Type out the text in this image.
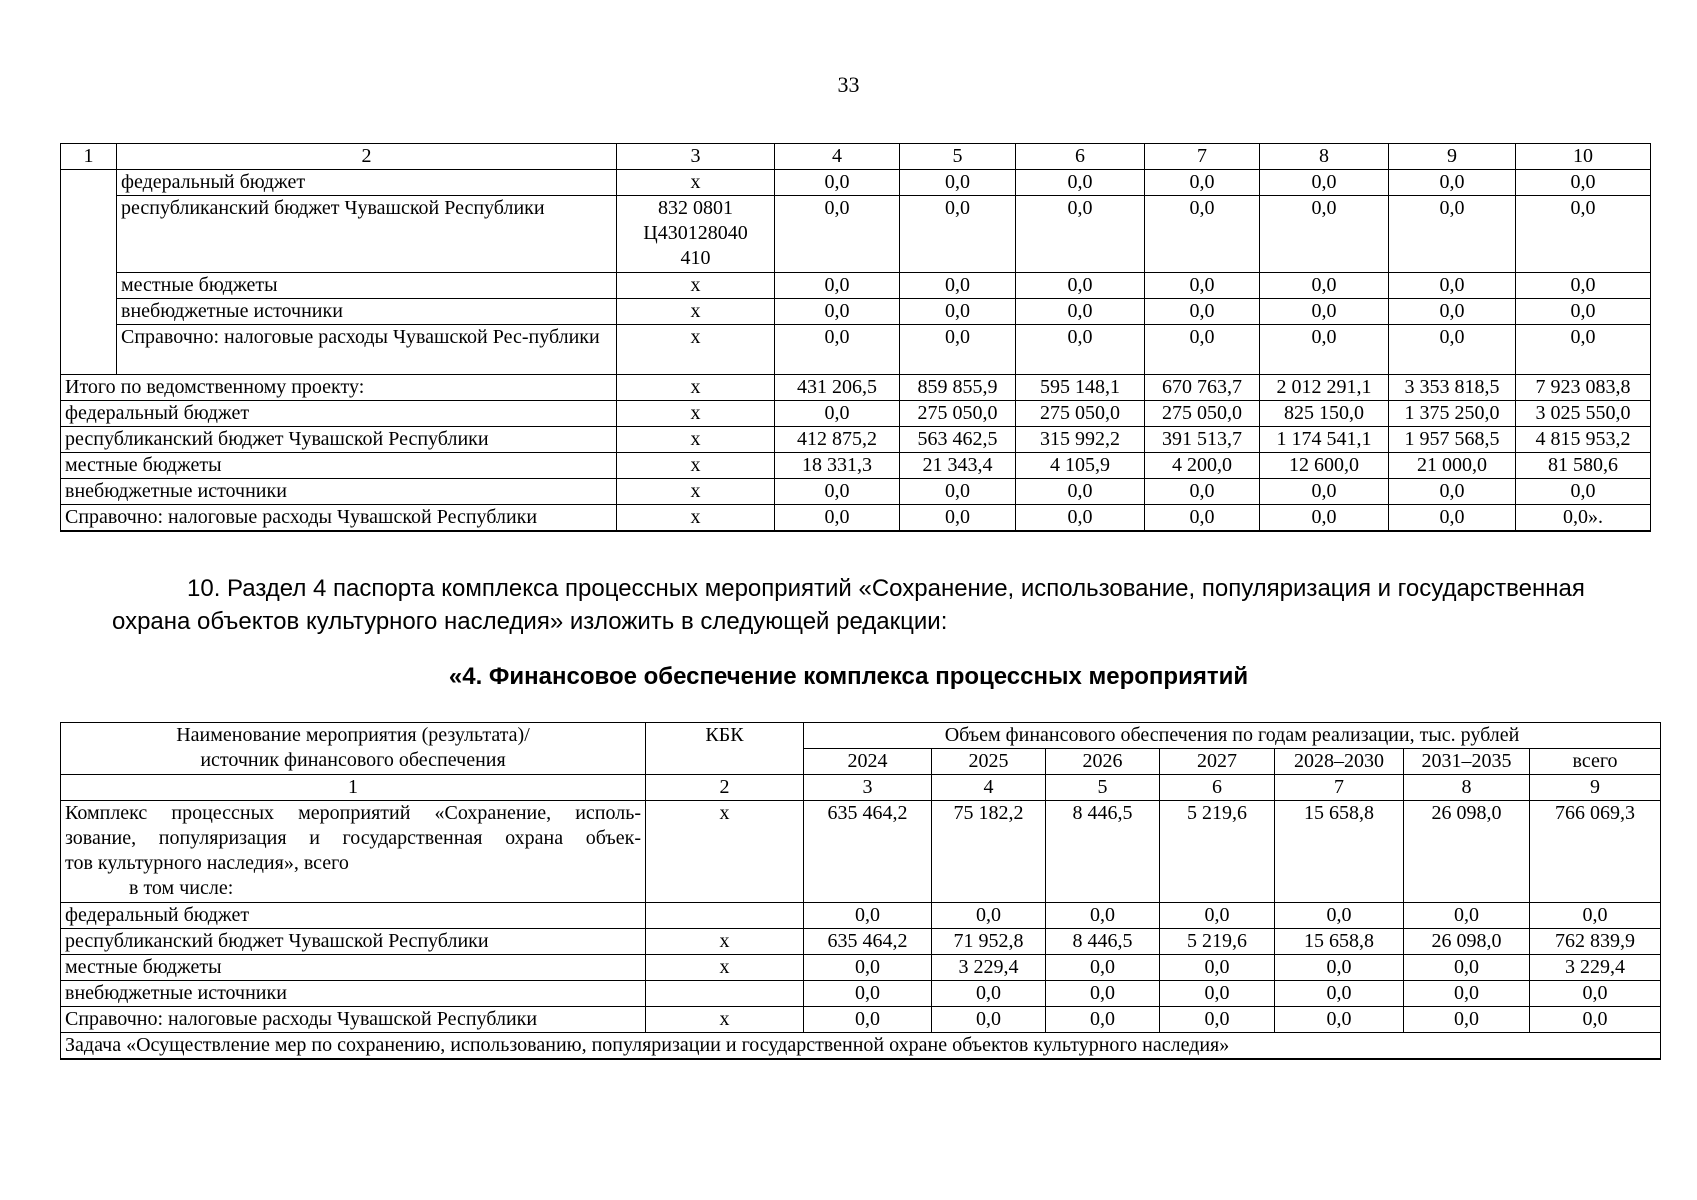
33
1	2	3	4	5	6	7	8	9	10
	федеральный бюджет	х	0,0	0,0	0,0	0,0	0,0	0,0	0,0
	республиканский бюджет Чувашской Республики	832 0801
Ц430128040
410	0,0	0,0	0,0	0,0	0,0	0,0	0,0
	местные бюджеты	х	0,0	0,0	0,0	0,0	0,0	0,0	0,0
	внебюджетные источники	х	0,0	0,0	0,0	0,0	0,0	0,0	0,0
	Справочно: налоговые расходы Чувашской Рес-публики	х	0,0	0,0	0,0	0,0	0,0	0,0	0,0
Итого по ведомственному проекту:		х	431 206,5	859 855,9	595 148,1	670 763,7	2 012 291,1	3 353 818,5	7 923 083,8
федеральный бюджет		х	0,0	275 050,0	275 050,0	275 050,0	825 150,0	1 375 250,0	3 025 550,0
республиканский бюджет Чувашской Республики		х	412 875,2	563 462,5	315 992,2	391 513,7	1 174 541,1	1 957 568,5	4 815 953,2
местные бюджеты		х	18 331,3	21 343,4	4 105,9	4 200,0	12 600,0	21 000,0	81 580,6
внебюджетные источники		х	0,0	0,0	0,0	0,0	0,0	0,0	0,0
Справочно: налоговые расходы Чувашской Республики		х	0,0	0,0	0,0	0,0	0,0	0,0	0,0».
10. Раздел 4 паспорта комплекса процессных мероприятий «Сохранение, использование, популяризация и государственная
охрана объектов культурного наследия» изложить в следующей редакции:
«4. Финансовое обеспечение комплекса процессных мероприятий
Наименование мероприятия (результата)/
источник финансового обеспечения	КБК	Объем финансового обеспечения по годам реализации, тыс. рублей						
		2024	2025	2026	2027	2028–2030	2031–2035	всего
1	2	3	4	5	6	7	8	9

Комплекс процессных мероприятий «Сохранение, исполь-
зование, популяризация и государственная охрана объек-
тов культурного наследия», всего
в том числе:	х	635 464,2	75 182,2	8 446,5	5 219,6	15 658,8	26 098,0	766 069,3
федеральный бюджет		0,0	0,0	0,0	0,0	0,0	0,0	0,0
республиканский бюджет Чувашской Республики	х	635 464,2	71 952,8	8 446,5	5 219,6	15 658,8	26 098,0	762 839,9
местные бюджеты	х	0,0	3 229,4	0,0	0,0	0,0	0,0	3 229,4
внебюджетные источники		0,0	0,0	0,0	0,0	0,0	0,0	0,0
Справочно: налоговые расходы Чувашской Республики	х	0,0	0,0	0,0	0,0	0,0	0,0	0,0
Задача «Осуществление мер по сохранению, использованию, популяризации и государственной охране объектов культурного наследия»								
